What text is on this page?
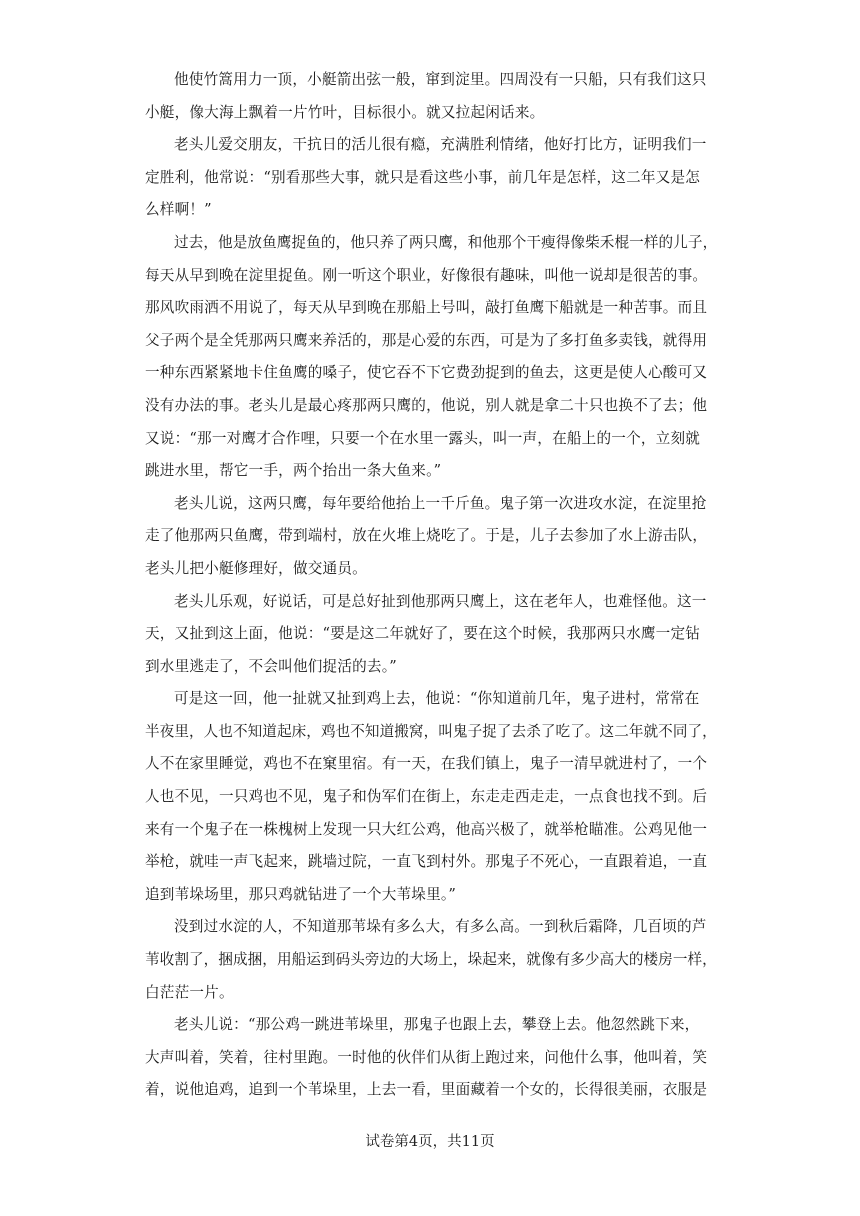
他使竹篙用力一顶，小艇箭出弦一般，窜到淀里。四周没有一只船，只有我们这只
小艇，像大海上飘着一片竹叶，目标很小。就又拉起闲话来。
老头儿爱交朋友，干抗日的活儿很有瘾，充满胜利情绪，他好打比方，证明我们一
定胜利，他常说：“别看那些大事，就只是看这些小事，前几年是怎样，这二年又是怎
么样啊！”
过去，他是放鱼鹰捉鱼的，他只养了两只鹰，和他那个干瘦得像柴禾棍一样的儿子，
每天从早到晚在淀里捉鱼。刚一听这个职业，好像很有趣味，叫他一说却是很苦的事。
那风吹雨洒不用说了，每天从早到晚在那船上号叫，敲打鱼鹰下船就是一种苦事。而且
父子两个是全凭那两只鹰来养活的，那是心爱的东西，可是为了多打鱼多卖钱，就得用
一种东西紧紧地卡住鱼鹰的嗓子，使它吞不下它费劲捉到的鱼去，这更是使人心酸可又
没有办法的事。老头儿是最心疼那两只鹰的，他说，别人就是拿二十只也换不了去；他
又说：“那一对鹰才合作哩，只要一个在水里一露头，叫一声，在船上的一个，立刻就
跳进水里，帮它一手，两个抬出一条大鱼来。”
老头儿说，这两只鹰，每年要给他抬上一千斤鱼。鬼子第一次进攻水淀，在淀里抢
走了他那两只鱼鹰，带到端村，放在火堆上烧吃了。于是，儿子去参加了水上游击队，
老头儿把小艇修理好，做交通员。
老头儿乐观，好说话，可是总好扯到他那两只鹰上，这在老年人，也难怪他。这一
天，又扯到这上面，他说：“要是这二年就好了，要在这个时候，我那两只水鹰一定钻
到水里逃走了，不会叫他们捉活的去。”
可是这一回，他一扯就又扯到鸡上去，他说：“你知道前几年，鬼子进村，常常在
半夜里，人也不知道起床，鸡也不知道搬窝，叫鬼子捉了去杀了吃了。这二年就不同了，
人不在家里睡觉，鸡也不在窠里宿。有一天，在我们镇上，鬼子一清早就进村了，一个
人也不见，一只鸡也不见，鬼子和伪军们在街上，东走走西走走，一点食也找不到。后
来有一个鬼子在一株槐树上发现一只大红公鸡，他高兴极了，就举枪瞄准。公鸡见他一
举枪，就哇一声飞起来，跳墙过院，一直飞到村外。那鬼子不死心，一直跟着追，一直
追到苇垛场里，那只鸡就钻进了一个大苇垛里。”
没到过水淀的人，不知道那苇垛有多么大，有多么高。一到秋后霜降，几百顷的芦
苇收割了，捆成捆，用船运到码头旁边的大场上，垛起来，就像有多少高大的楼房一样，
白茫茫一片。
老头儿说：“那公鸡一跳进苇垛里，那鬼子也跟上去，攀登上去。他忽然跳下来，
大声叫着，笑着，往村里跑。一时他的伙伴们从街上跑过来，问他什么事，他叫着，笑
着，说他追鸡，追到一个苇垛里，上去一看，里面藏着一个女的，长得很美丽，衣服是
试卷第4页，共11页
